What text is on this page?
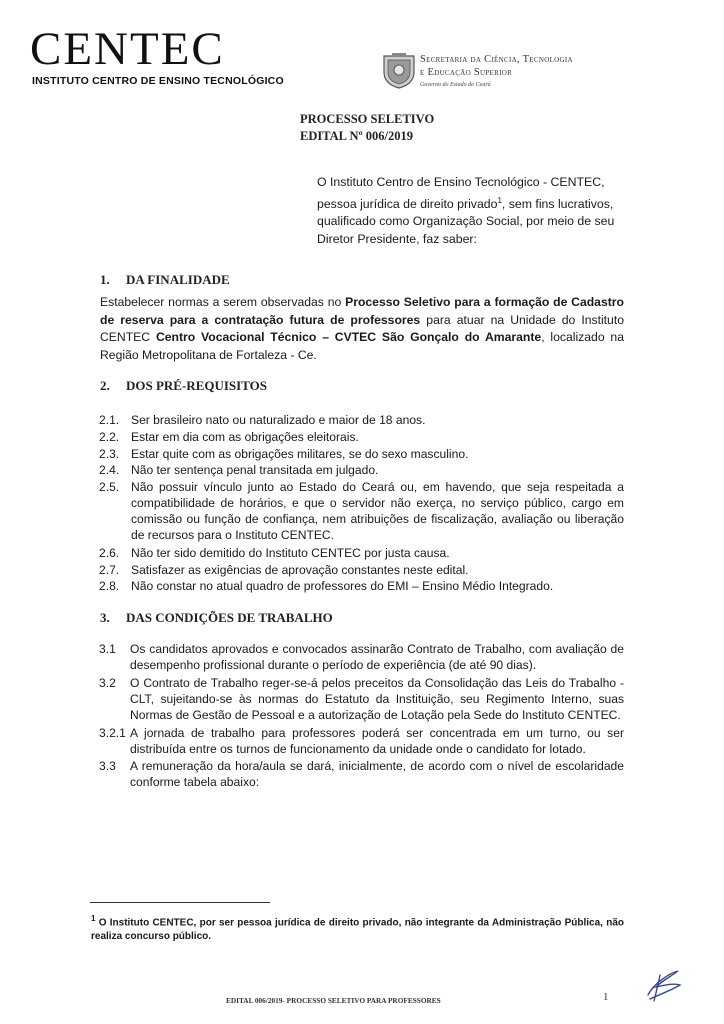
CENTEC
INSTITUTO CENTRO DE ENSINO TECNOLÓGICO
Secretaria da Ciência, Tecnologia
e Educação Superior
Governo do Estado do Ceará
PROCESSO SELETIVO
EDITAL Nº 006/2019
O Instituto Centro de Ensino Tecnológico - CENTEC, pessoa jurídica de direito privado$^1$, sem fins lucrativos, qualificado como Organização Social, por meio de seu Diretor Presidente, faz saber:
1. DA FINALIDADE
Estabelecer normas a serem observadas no Processo Seletivo para a formação de Cadastro de reserva para a contratação futura de professores para atuar na Unidade do Instituto CENTEC Centro Vocacional Técnico – CVTEC São Gonçalo do Amarante, localizado na Região Metropolitana de Fortaleza - Ce.
2. DOS PRÉ-REQUISITOS
2.1. Ser brasileiro nato ou naturalizado e maior de 18 anos.
2.2. Estar em dia com as obrigações eleitorais.
2.3. Estar quite com as obrigações militares, se do sexo masculino.
2.4. Não ter sentença penal transitada em julgado.
2.5. Não possuir vínculo junto ao Estado do Ceará ou, em havendo, que seja respeitada a compatibilidade de horários, e que o servidor não exerça, no serviço público, cargo em comissão ou função de confiança, nem atribuições de fiscalização, avaliação ou liberação de recursos para o Instituto CENTEC.
2.6. Não ter sido demitido do Instituto CENTEC por justa causa.
2.7. Satisfazer as exigências de aprovação constantes neste edital.
2.8. Não constar no atual quadro de professores do EMI – Ensino Médio Integrado.
3. DAS CONDIÇÕES DE TRABALHO
3.1 Os candidatos aprovados e convocados assinarão Contrato de Trabalho, com avaliação de desempenho profissional durante o período de experiência (de até 90 dias).
3.2 O Contrato de Trabalho reger-se-á pelos preceitos da Consolidação das Leis do Trabalho - CLT, sujeitando-se às normas do Estatuto da Instituição, seu Regimento Interno, suas Normas de Gestão de Pessoal e a autorização de Lotação pela Sede do Instituto CENTEC.
3.2.1 A jornada de trabalho para professores poderá ser concentrada em um turno, ou ser distribuída entre os turnos de funcionamento da unidade onde o candidato for lotado.
3.3 A remuneração da hora/aula se dará, inicialmente, de acordo com o nível de escolaridade conforme tabela abaixo:
$^1$ O Instituto CENTEC, por ser pessoa jurídica de direito privado, não integrante da Administração Pública, não realiza concurso público.
EDITAL 006/2019- PROCESSO SELETIVO PARA PROFESSORES	1
